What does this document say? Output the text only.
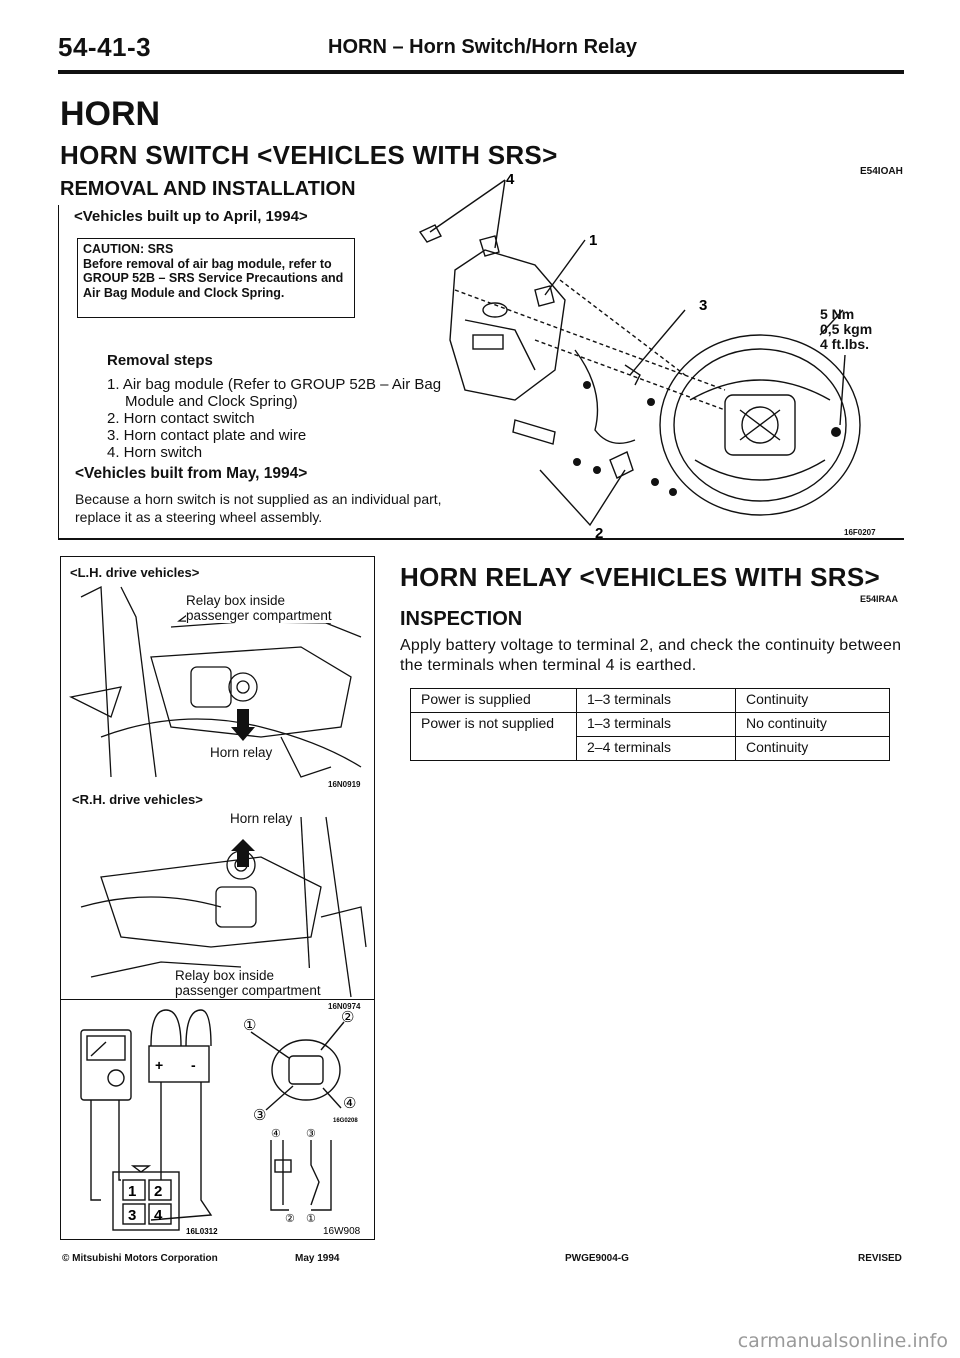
54-41-3	HORN – Horn Switch/Horn Relay
HORN
HORN SWITCH <VEHICLES WITH SRS>
E54IOAH
REMOVAL AND INSTALLATION
<Vehicles built up to April, 1994>
CAUTION: SRS
Before removal of air bag module, refer to GROUP 52B – SRS Service Precautions and Air Bag Module and Clock Spring.
Removal steps
1. Air bag module (Refer to GROUP 52B – Air Bag Module and Clock Spring)
2. Horn contact switch
3. Horn contact plate and wire
4. Horn switch
<Vehicles built from May, 1994>
Because a horn switch is not supplied as an individual part, replace it as a steering wheel assembly.
4
1
3
2
5 Nm
0,5 kgm
4 ft.lbs.
16F0207
<L.H. drive vehicles>
Relay box inside
passenger compartment
Horn relay
16N0919
<R.H. drive vehicles>
Horn relay
Relay box inside
passenger compartment
16N0974
+ -
1 2
3 4
①	②
③
④
④ ③
② ①
16G0208
16L0312	16W908
HORN RELAY <VEHICLES WITH SRS>
E54IRAA
INSPECTION
Apply battery voltage to terminal 2, and check the continuity between the terminals when terminal 4 is earthed.
Power is supplied	1–3 terminals	Continuity
Power is not supplied	1–3 terminals	No continuity
	2–4 terminals	Continuity
© Mitsubishi Motors Corporation	May 1994	PWGE9004-G	REVISED
carmanualsonline.info
